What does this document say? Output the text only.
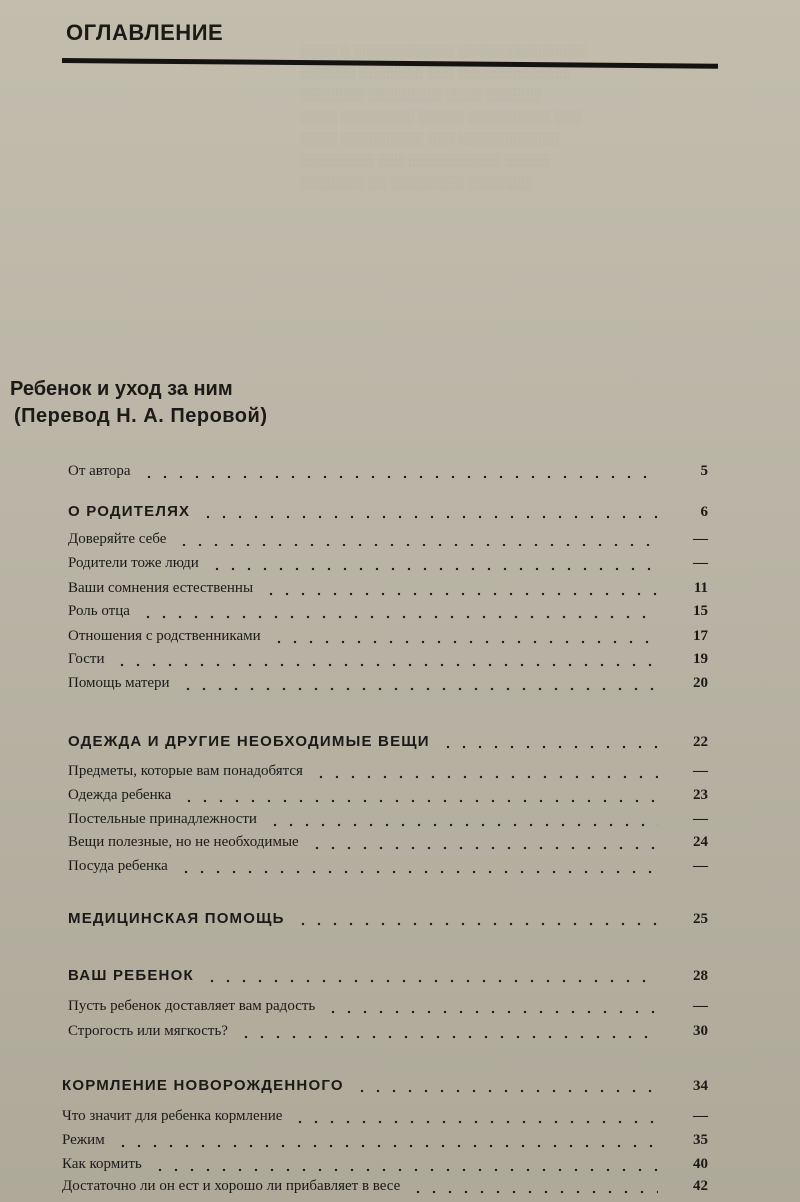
░░░░ ░ ░░░░░░░░░░░ ░░░░░░░░░░░░░░
░░░░░░ ░░░░░░░ ░░░ ░░░░░░░░░░░░
░░░░░░░ ░░░░░░░░ ░░░░ ░░░░░░
░░░░ ░░░░░░░░ ░░░░░ ░░░░░░░░░ ░░░
░░░░ ░░░░░░░░░ ░░░ ░░░░░░░░░░░
░░░░░░░░ ░░░ ░░░░░░░░░░ ░░░░░
░░░░░░░ ░░ ░░░░░░░░ ░░░░░░░
ОГЛАВЛЕНИЕ
Ребенок и уход за ним
(Перевод Н. А. Перовой)
От автора	5
О РОДИТЕЛЯХ	6
Доверяйте себе	—
Родители тоже люди	—
Ваши сомнения естественны	11
Роль отца	15
Отношения с родственниками	17
Гости	19
Помощь матери	20
ОДЕЖДА И ДРУГИЕ НЕОБХОДИМЫЕ ВЕЩИ	22
Предметы, которые вам понадобятся	—
Одежда ребенка	23
Постельные принадлежности	—
Вещи полезные, но не необходимые	24
Посуда ребенка	—
МЕДИЦИНСКАЯ ПОМОЩЬ	25
ВАШ РЕБЕНОК	28
Пусть ребенок доставляет вам радость	—
Строгость или мягкость?	30
КОРМЛЕНИЕ НОВОРОЖДЕННОГО	34
Что значит для ребенка кормление	—
Режим	35
Как кормить	40
Достаточно ли он ест и хорошо ли прибавляет в весе	42
